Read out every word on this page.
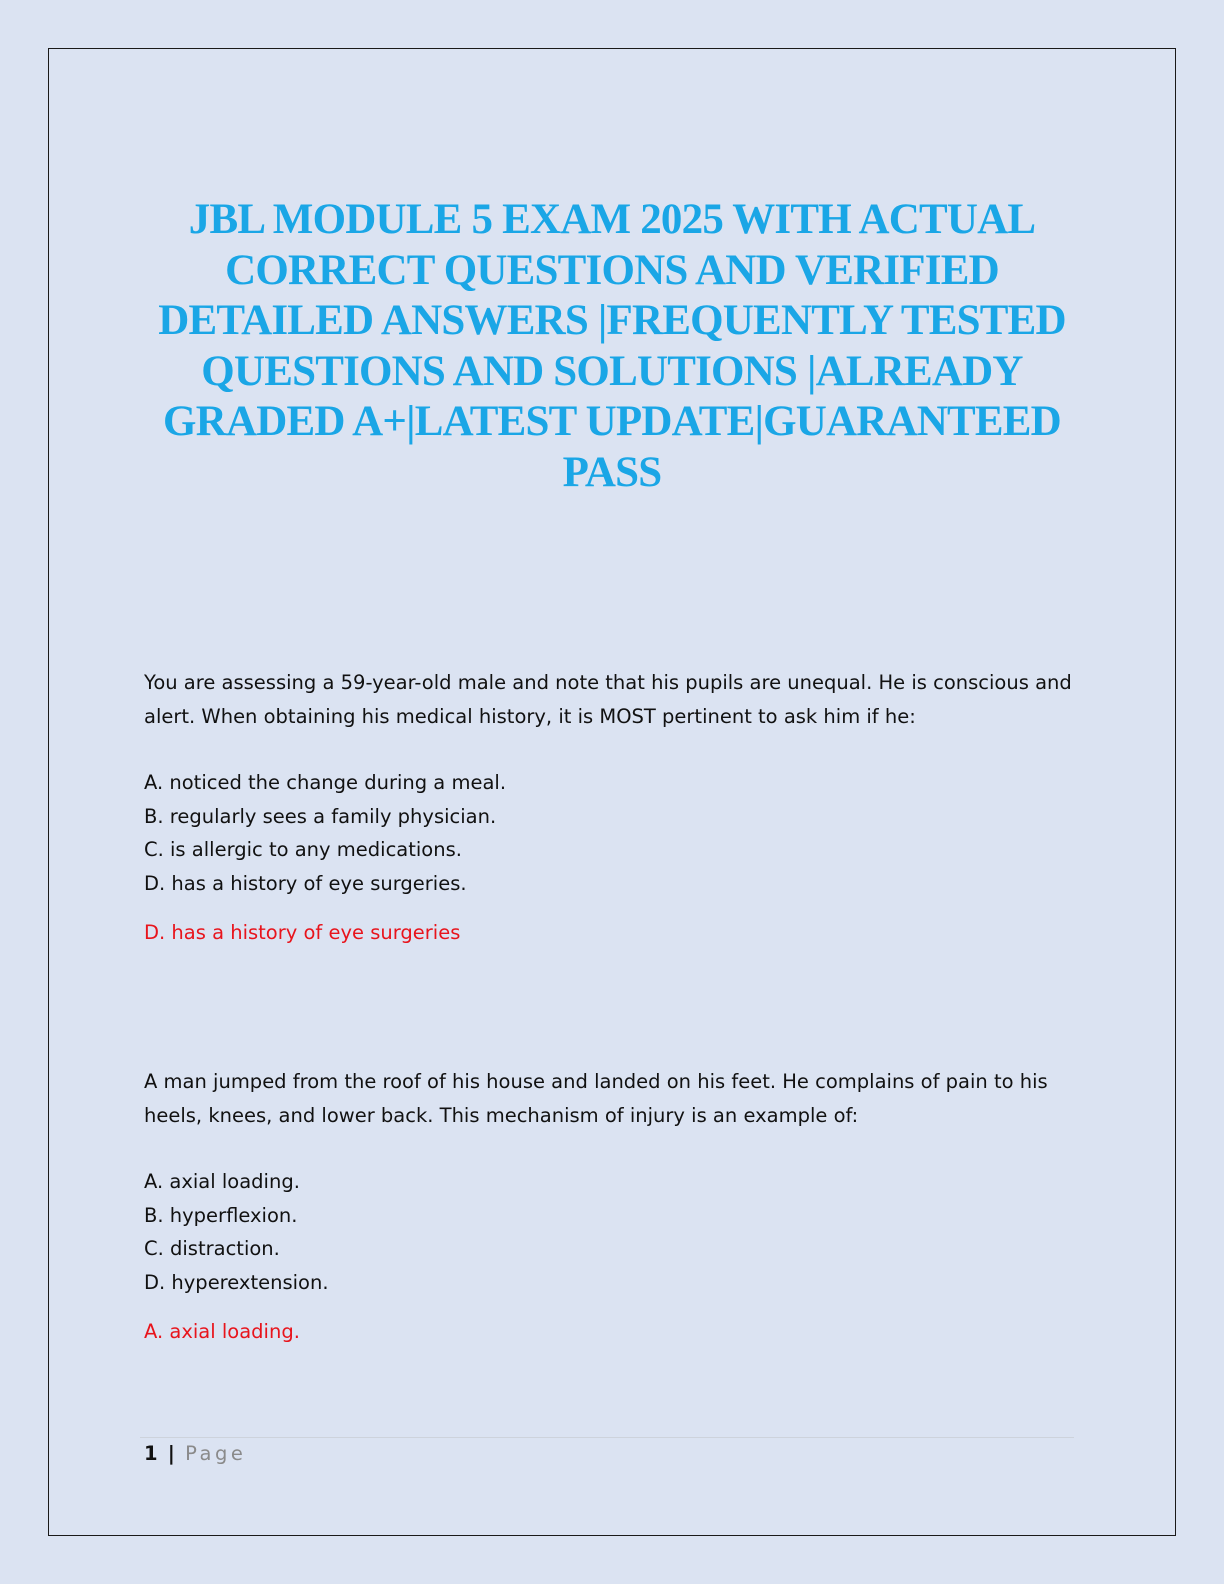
JBL MODULE 5 EXAM 2025 WITH ACTUAL CORRECT QUESTIONS AND VERIFIED DETAILED ANSWERS |FREQUENTLY TESTED QUESTIONS AND SOLUTIONS |ALREADY GRADED A+|LATEST UPDATE|GUARANTEED PASS

You are assessing a 59-year-old male and note that his pupils are unequal. He is conscious and alert. When obtaining his medical history, it is MOST pertinent to ask him if he:

A. noticed the change during a meal.
B. regularly sees a family physician.
C. is allergic to any medications.
D. has a history of eye surgeries.

D. has a history of eye surgeries

A man jumped from the roof of his house and landed on his feet. He complains of pain to his heels, knees, and lower back. This mechanism of injury is an example of:

A. axial loading.
B. hyperflexion.
C. distraction.
D. hyperextension.

A. axial loading.

1 | Page
